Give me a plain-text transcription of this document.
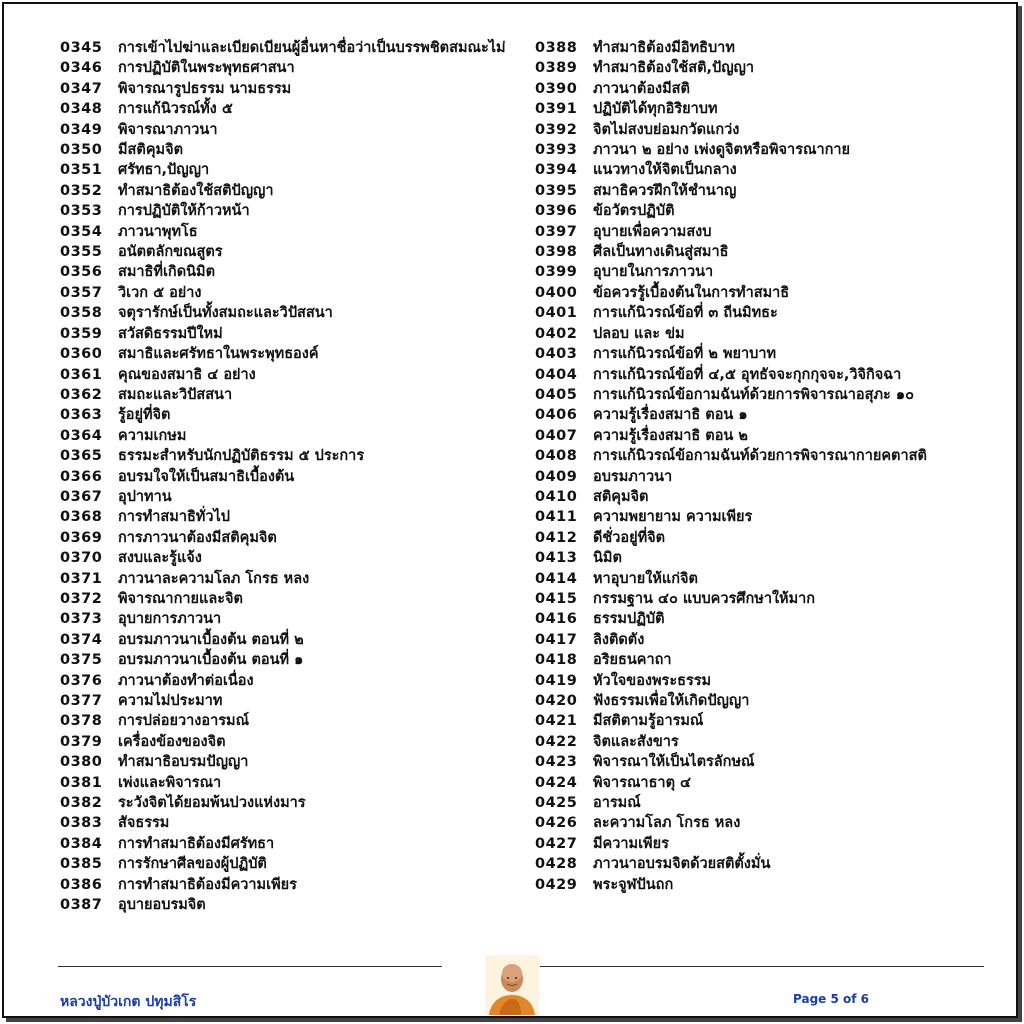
0345	การเข้าไปฆ่าและเบียดเบียนผู้อื่นหาชื่อว่าเป็นบรรพชิตสมณะไม่
0346	การปฏิบัติในพระพุทธศาสนา
0347	พิจารณารูปธรรม นามธรรม
0348	การแก้นิวรณ์ทั้ง ๕
0349	พิจารณาภาวนา
0350	มีสติคุมจิต
0351	ศรัทธา,ปัญญา
0352	ทำสมาธิต้องใช้สติปัญญา
0353	การปฏิบัติให้ก้าวหน้า
0354	ภาวนาพุทโธ
0355	อนัตตลักขณสูตร
0356	สมาธิที่เกิดนิมิต
0357	วิเวก ๕ อย่าง
0358	จตุรารักษ์เป็นทั้งสมถะและวิปัสสนา
0359	สวัสดิธรรมปีใหม่
0360	สมาธิและศรัทธาในพระพุทธองค์
0361	คุณของสมาธิ ๔ อย่าง
0362	สมถะและวิปัสสนา
0363	รู้อยู่ที่จิต
0364	ความเกษม
0365	ธรรมะสำหรับนักปฏิบัติธรรม ๕ ประการ
0366	อบรมใจให้เป็นสมาธิเบื้องต้น
0367	อุปาทาน
0368	การทำสมาธิทั่วไป
0369	การภาวนาต้องมีสติคุมจิต
0370	สงบและรู้แจ้ง
0371	ภาวนาละความโลภ โกรธ หลง
0372	พิจารณากายและจิต
0373	อุบายการภาวนา
0374	อบรมภาวนาเบื้องต้น ตอนที่ ๒
0375	อบรมภาวนาเบื้องต้น ตอนที่ ๑
0376	ภาวนาต้องทำต่อเนื่อง
0377	ความไม่ประมาท
0378	การปล่อยวางอารมณ์
0379	เครื่องข้องของจิต
0380	ทำสมาธิอบรมปัญญา
0381	เพ่งและพิจารณา
0382	ระวังจิตได้ยอมพ้นบ่วงแห่งมาร
0383	สัจธรรม
0384	การทำสมาธิต้องมีศรัทธา
0385	การรักษาศีลของผู้ปฏิบัติ
0386	การทำสมาธิต้องมีความเพียร
0387	อุบายอบรมจิต
0388	ทำสมาธิต้องมีอิทธิบาท
0389	ทำสมาธิต้องใช้สติ,ปัญญา
0390	ภาวนาต้องมีสติ
0391	ปฏิบัติได้ทุกอิริยาบท
0392	จิตไม่สงบย่อมกวัดแกว่ง
0393	ภาวนา ๒ อย่าง เพ่งดูจิตหรือพิจารณากาย
0394	แนวทางให้จิตเป็นกลาง
0395	สมาธิควรฝึกให้ชำนาญ
0396	ข้อวัตรปฏิบัติ
0397	อุบายเพื่อความสงบ
0398	ศีลเป็นทางเดินสู่สมาธิ
0399	อุบายในการภาวนา
0400	ข้อควรรู้เบื้องต้นในการทำสมาธิ
0401	การแก้นิวรณ์ข้อที่ ๓ ถีนมิทธะ
0402	ปลอบ และ ข่ม
0403	การแก้นิวรณ์ข้อที่ ๒ พยาบาท
0404	การแก้นิวรณ์ข้อที่ ๔,๕ อุทธัจจะกุกกุจจะ,วิจิกิจฉา
0405	การแก้นิวรณ์ข้อกามฉันท์ด้วยการพิจารณาอสุภะ ๑๐
0406	ความรู้เรื่องสมาธิ ตอน ๑
0407	ความรู้เรื่องสมาธิ ตอน ๒
0408	การแก้นิวรณ์ข้อกามฉันท์ด้วยการพิจารณากายคตาสติ
0409	อบรมภาวนา
0410	สติคุมจิต
0411	ความพยายาม ความเพียร
0412	ดีชั่วอยู่ที่จิต
0413	นิมิต
0414	หาอุบายให้แก่จิต
0415	กรรมฐาน ๔๐ แบบควรศึกษาให้มาก
0416	ธรรมปฏิบัติ
0417	ลิงติดตัง
0418	อริยธนคาถา
0419	หัวใจของพระธรรม
0420	ฟังธรรมเพื่อให้เกิดปัญญา
0421	มีสติตามรู้อารมณ์
0422	จิตและสังขาร
0423	พิจารณาให้เป็นไตรลักษณ์
0424	พิจารณาธาตุ ๔
0425	อารมณ์
0426	ละความโลภ โกรธ หลง
0427	มีความเพียร
0428	ภาวนาอบรมจิตด้วยสติตั้งมั่น
0429	พระจูฬปันถก
หลวงปู่บัวเกต ปทุมสิโร	Page 5 of 6
